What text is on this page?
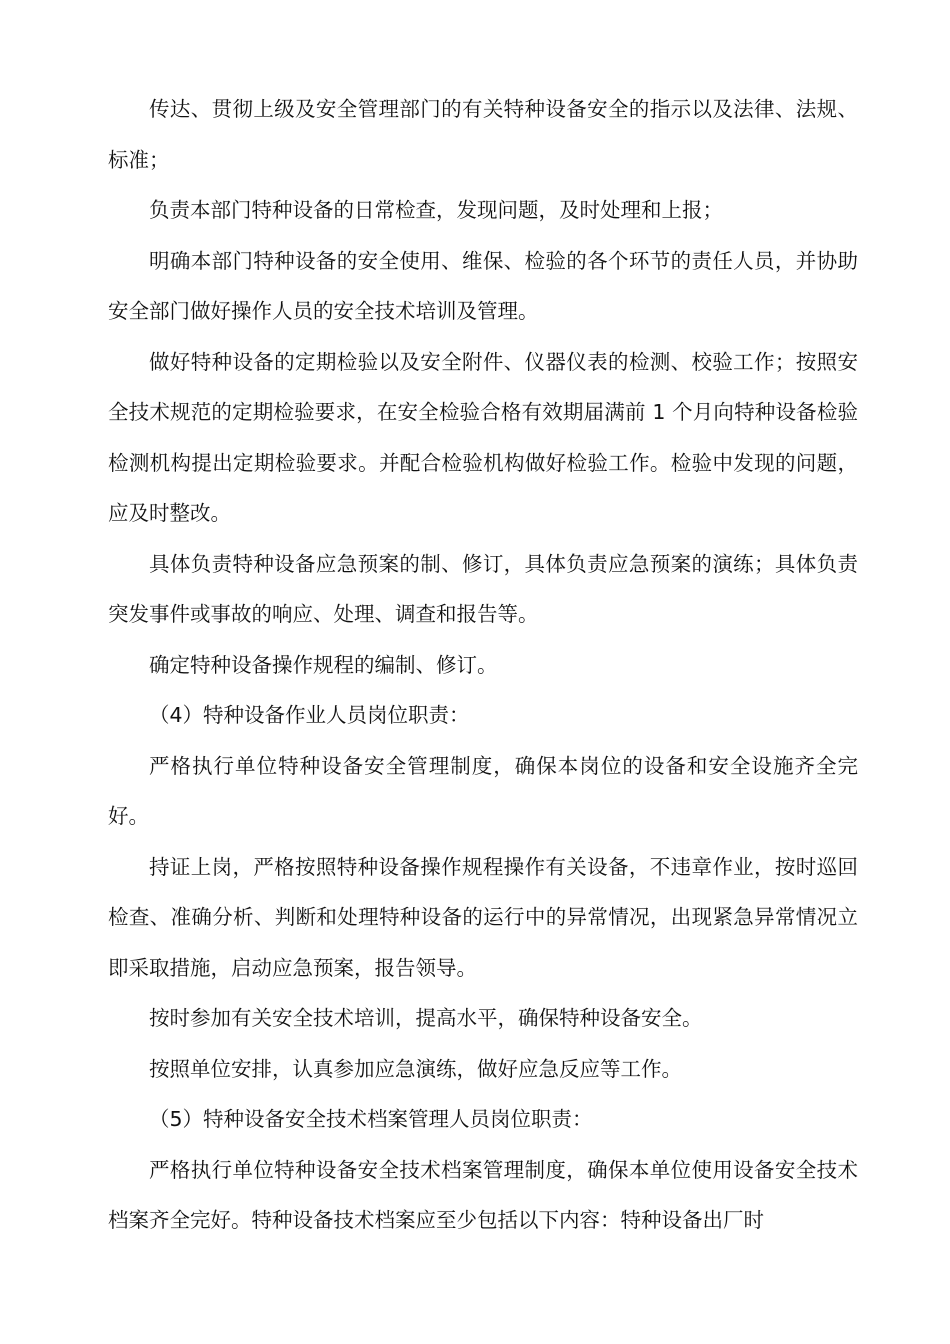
传达、贯彻上级及安全管理部门的有关特种设备安全的指示以及法律、法规、标准；

负责本部门特种设备的日常检查，发现问题，及时处理和上报；

明确本部门特种设备的安全使用、维保、检验的各个环节的责任人员，并协助安全部门做好操作人员的安全技术培训及管理。

做好特种设备的定期检验以及安全附件、仪器仪表的检测、校验工作；按照安全技术规范的定期检验要求，在安全检验合格有效期届满前 1 个月向特种设备检验检测机构提出定期检验要求。并配合检验机构做好检验工作。检验中发现的问题，应及时整改。

具体负责特种设备应急预案的制、修订，具体负责应急预案的演练；具体负责突发事件或事故的响应、处理、调查和报告等。

确定特种设备操作规程的编制、修订。

（4）特种设备作业人员岗位职责：

严格执行单位特种设备安全管理制度，确保本岗位的设备和安全设施齐全完好。

持证上岗，严格按照特种设备操作规程操作有关设备，不违章作业，按时巡回检查、准确分析、判断和处理特种设备的运行中的异常情况，出现紧急异常情况立即采取措施，启动应急预案，报告领导。

按时参加有关安全技术培训，提高水平，确保特种设备安全。

按照单位安排，认真参加应急演练，做好应急反应等工作。

（5）特种设备安全技术档案管理人员岗位职责：

严格执行单位特种设备安全技术档案管理制度，确保本单位使用设备安全技术档案齐全完好。特种设备技术档案应至少包括以下内容：特种设备出厂时
